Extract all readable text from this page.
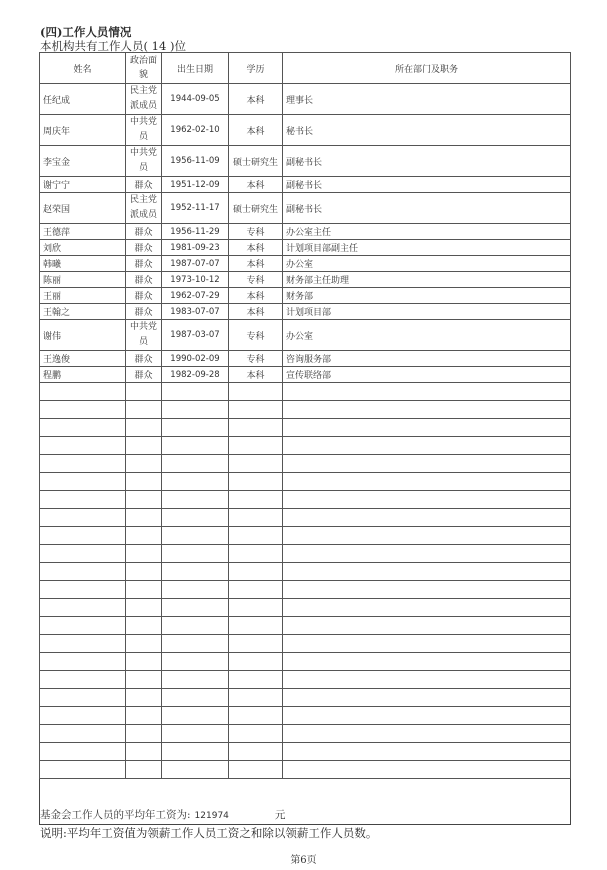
(四)工作人员情况
本机构共有工作人员( 14 )位
姓名	政治面貌	出生日期	学历	所在部门及职务
任纪成	民主党派成员	1944-09-05	本科	理事长
周庆年	中共党员	1962-02-10	本科	秘书长
李宝金	中共党员	1956-11-09	硕士研究生	副秘书长
谢宁宁	群众	1951-12-09	本科	副秘书长
赵荣国	民主党派成员	1952-11-17	硕士研究生	副秘书长
王德萍	群众	1956-11-29	专科	办公室主任
刘欣	群众	1981-09-23	本科	计划项目部副主任
韩曦	群众	1987-07-07	本科	办公室
陈丽	群众	1973-10-12	专科	财务部主任助理
王丽	群众	1962-07-29	本科	财务部
王翰之	群众	1983-07-07	本科	计划项目部
谢伟	中共党员	1987-03-07	专科	办公室
王逸俊	群众	1990-02-09	专科	咨询服务部
程鹏	群众	1982-09-28	本科	宣传联络部

基金会工作人员的平均年工资为: 121974	元
说明:平均年工资值为领薪工作人员工资之和除以领薪工作人员数。
第6页
